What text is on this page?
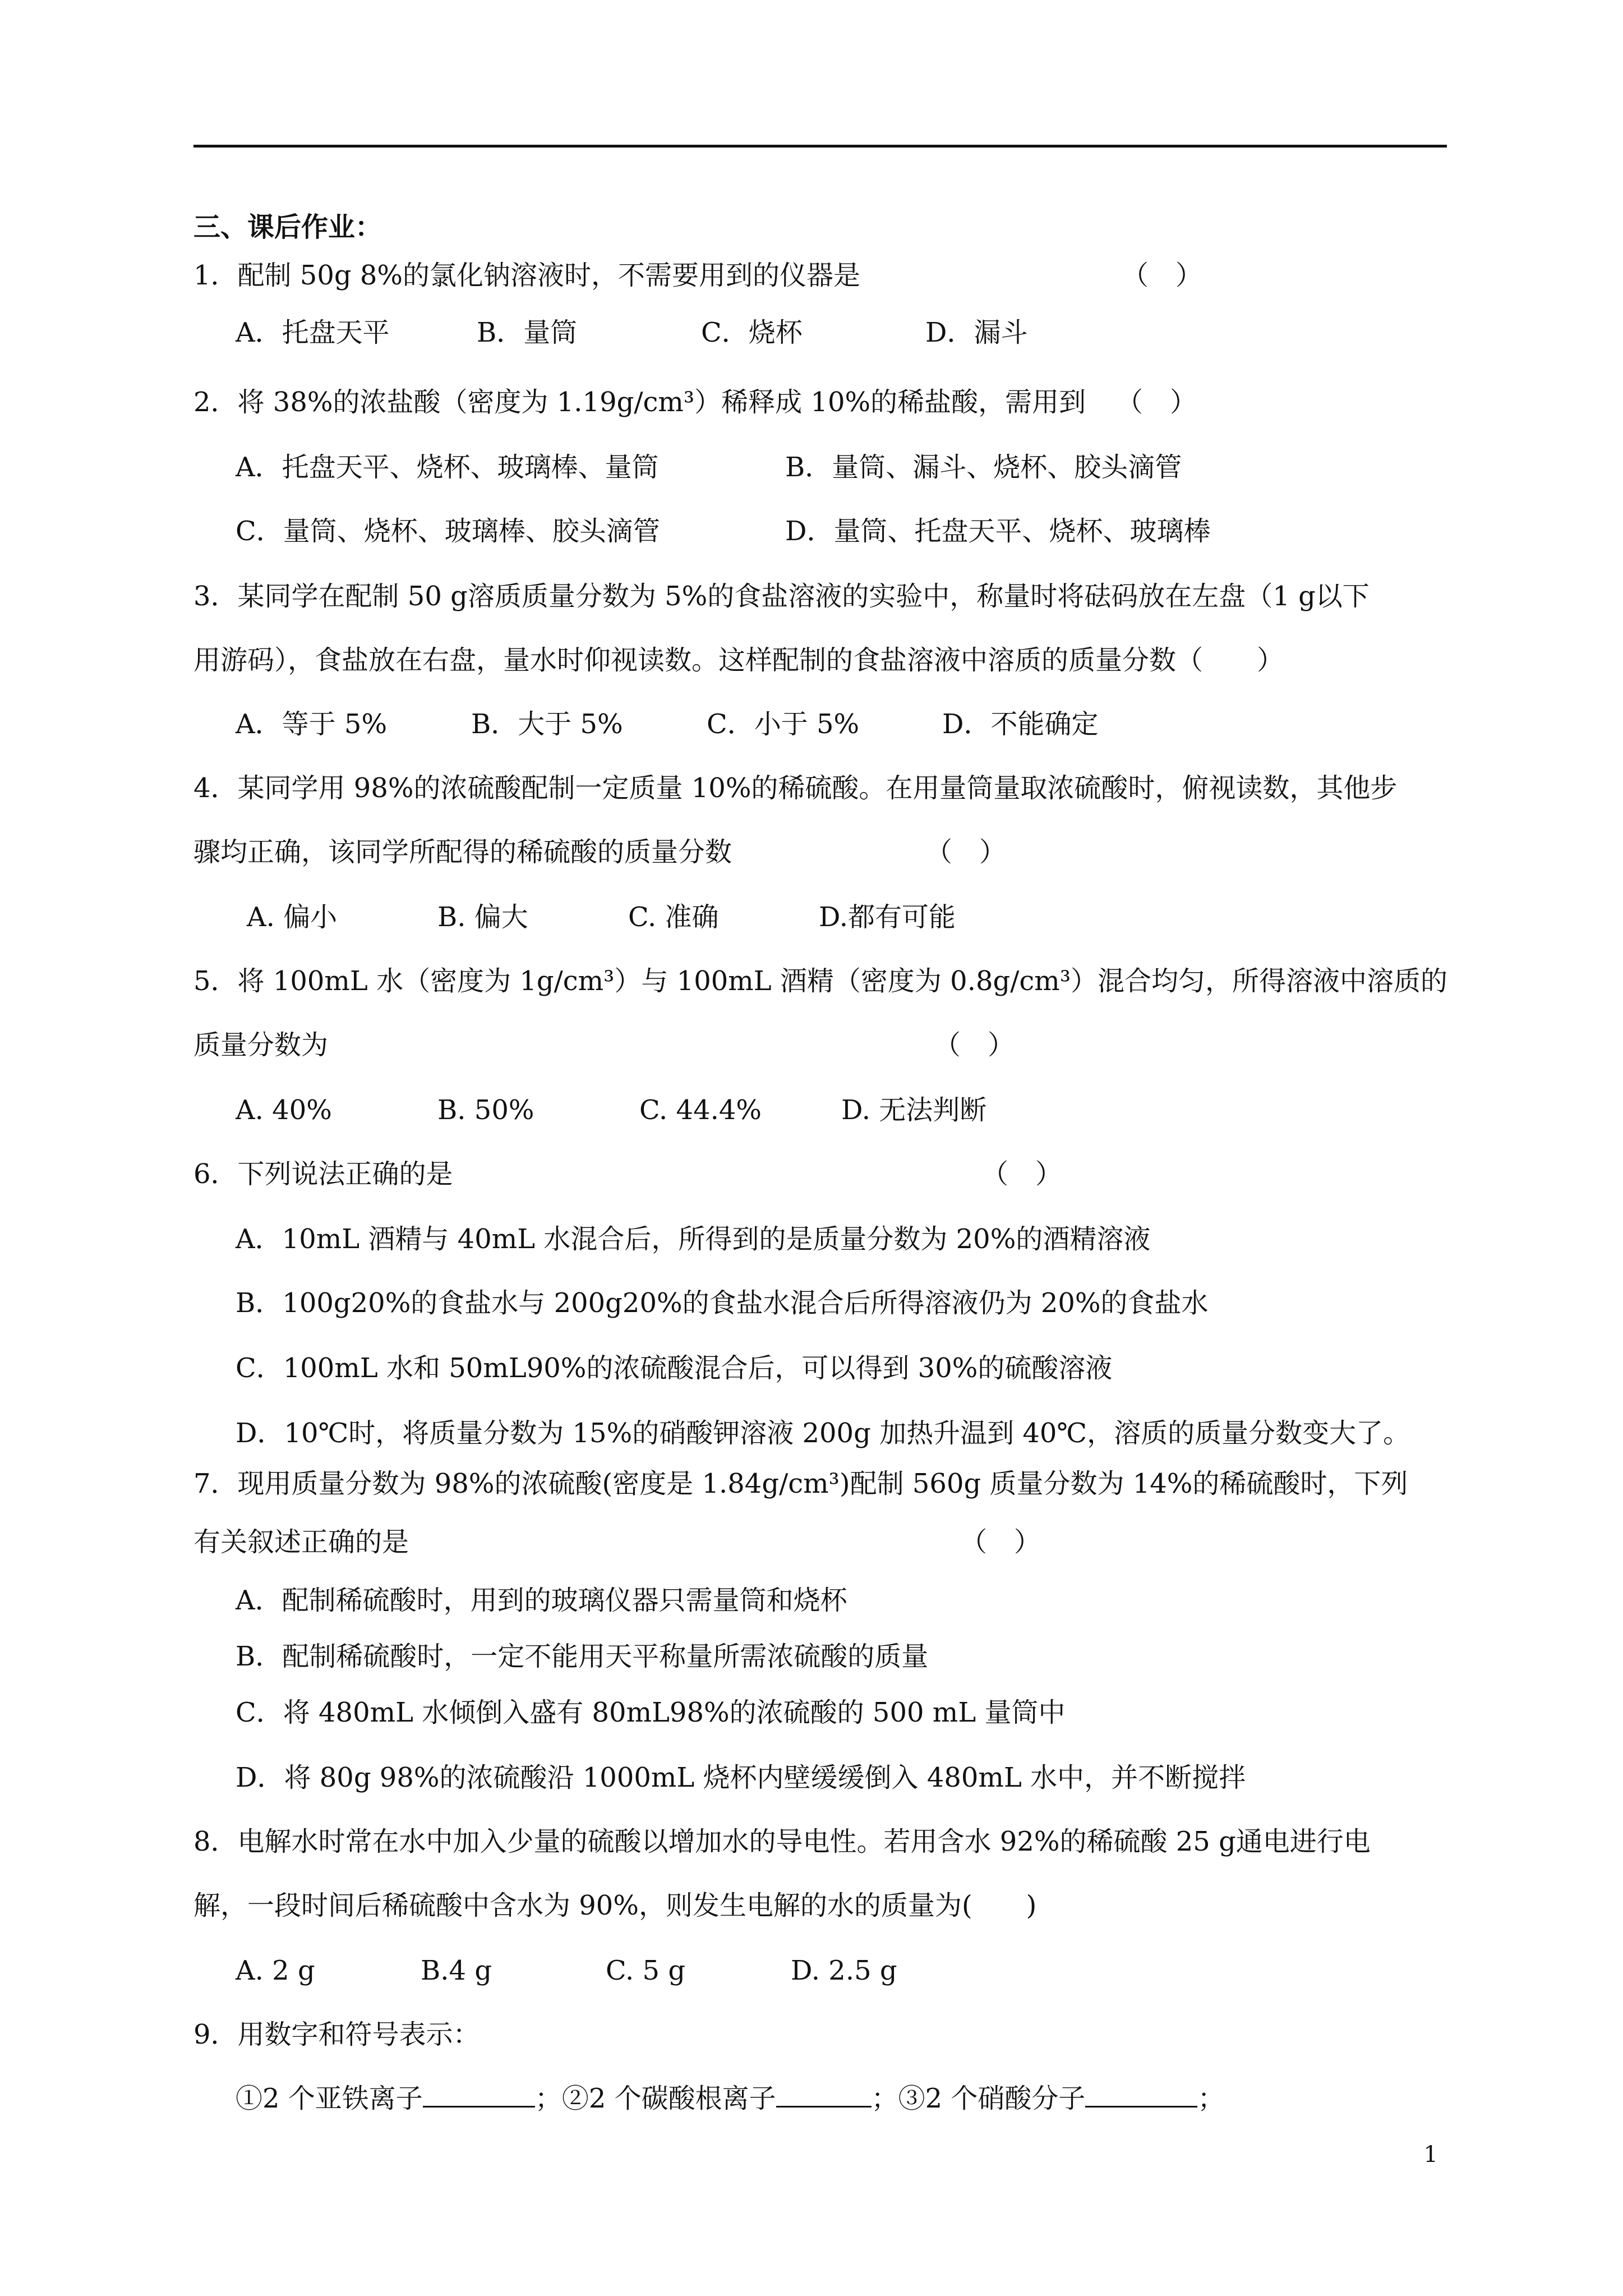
三、课后作业：
1．配制 50g 8%的氯化钠溶液时，不需要用到的仪器是	（　）
A．托盘天平	B．量筒	C．烧杯	D．漏斗
2．将 38%的浓盐酸（密度为 1.19g/cm³）稀释成 10%的稀盐酸，需用到 （　）
A．托盘天平、烧杯、玻璃棒、量筒	B．量筒、漏斗、烧杯、胶头滴管
C．量筒、烧杯、玻璃棒、胶头滴管	D．量筒、托盘天平、烧杯、玻璃棒
3．某同学在配制 50 g溶质质量分数为 5%的食盐溶液的实验中，称量时将砝码放在左盘（1 g以下
用游码），食盐放在右盘，量水时仰视读数。这样配制的食盐溶液中溶质的质量分数（　　）
A．等于 5%	B．大于 5%	C．小于 5%	D．不能确定
4．某同学用 98%的浓硫酸配制一定质量 10%的稀硫酸。在用量筒量取浓硫酸时，俯视读数，其他步
骤均正确，该同学所配得的稀硫酸的质量分数	（　）
A. 偏小	B. 偏大	C. 准确	D.都有可能
5．将 100mL 水（密度为 1g/cm³）与 100mL 酒精（密度为 0.8g/cm³）混合均匀，所得溶液中溶质的
质量分数为	（　）
A. 40%	B. 50%	C. 44.4%	D. 无法判断
6．下列说法正确的是	（　）
A．10mL 酒精与 40mL 水混合后，所得到的是质量分数为 20%的酒精溶液
B．100g20%的食盐水与 200g20%的食盐水混合后所得溶液仍为 20%的食盐水
C．100mL 水和 50mL90%的浓硫酸混合后，可以得到 30%的硫酸溶液
D．10℃时，将质量分数为 15%的硝酸钾溶液 200g 加热升温到 40℃，溶质的质量分数变大了。
7．现用质量分数为 98%的浓硫酸(密度是 1.84g/cm³)配制 560g 质量分数为 14%的稀硫酸时，下列
有关叙述正确的是	（　）
A．配制稀硫酸时，用到的玻璃仪器只需量筒和烧杯
B．配制稀硫酸时，一定不能用天平称量所需浓硫酸的质量
C．将 480mL 水倾倒入盛有 80mL98%的浓硫酸的 500 mL 量筒中
D．将 80g 98%的浓硫酸沿 1000mL 烧杯内壁缓缓倒入 480mL 水中，并不断搅拌
8．电解水时常在水中加入少量的硫酸以增加水的导电性。若用含水 92%的稀硫酸 25 g通电进行电
解，一段时间后稀硫酸中含水为 90%，则发生电解的水的质量为(　　)
A. 2 g	B.4 g	C. 5 g	D. 2.5 g
9．用数字和符号表示：
①2 个亚铁离子	；②2 个碳酸根离子	；③2 个硝酸分子	；
1
